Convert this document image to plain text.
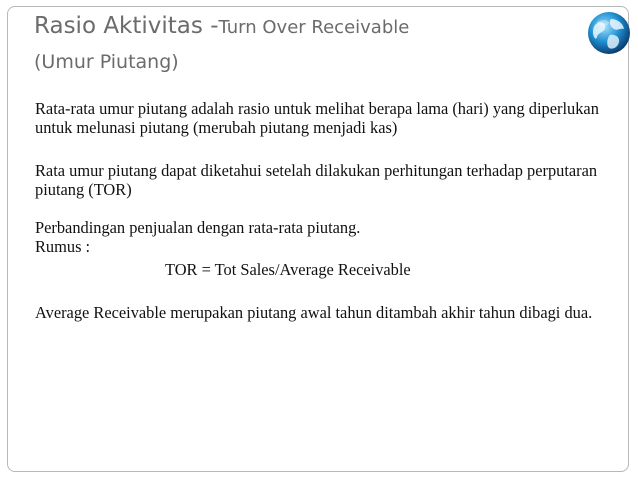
Rasio Aktivitas -Turn Over Receivable
(Umur Piutang)

Rata-rata umur piutang adalah rasio untuk melihat berapa lama (hari) yang diperlukan untuk melunasi piutang (merubah piutang menjadi kas)

Rata umur piutang dapat diketahui setelah dilakukan perhitungan terhadap perputaran piutang (TOR)

Perbandingan penjualan dengan rata-rata piutang.

Rumus :

TOR = Tot Sales/Average Receivable

Average Receivable merupakan piutang awal tahun ditambah akhir tahun dibagi dua.
